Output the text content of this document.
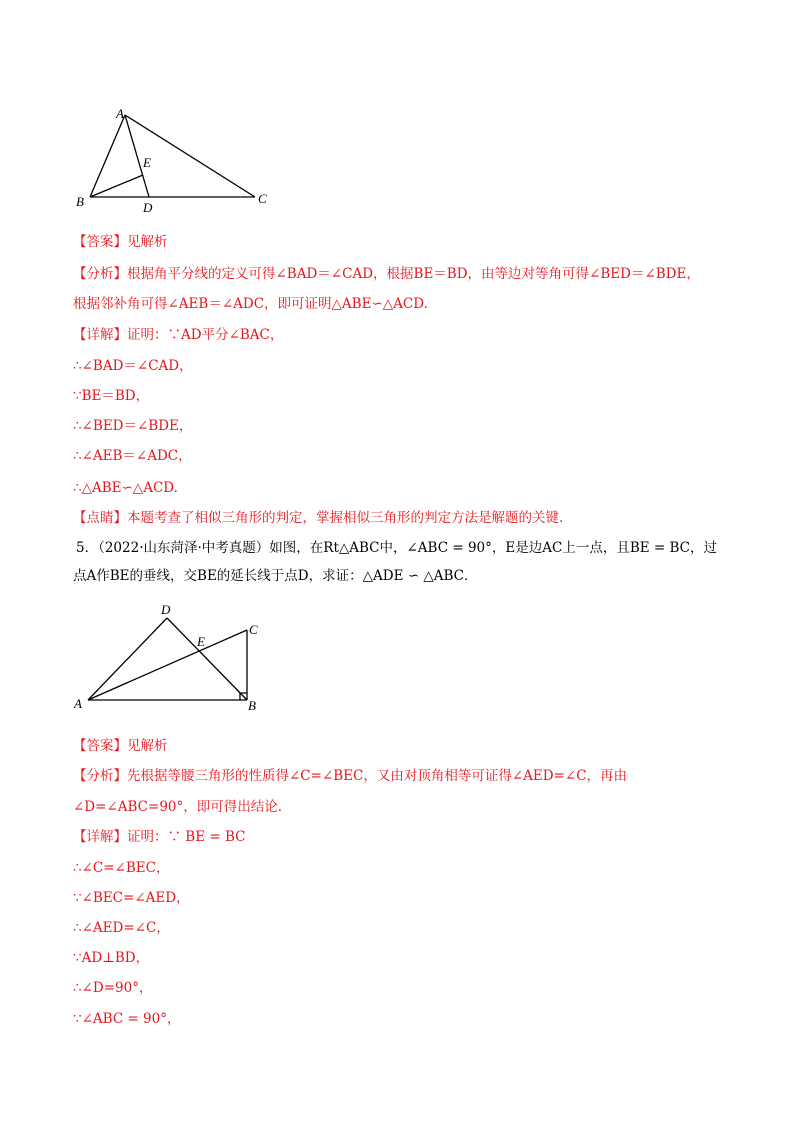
A
B	C
D
E
【答案】见解析
【分析】根据角平分线的定义可得∠BAD＝∠CAD，根据BE＝BD，由等边对等角可得∠BED＝∠BDE，
根据邻补角可得∠AEB＝∠ADC，即可证明△ABE∽△ACD.
【详解】证明：∵AD平分∠BAC，
∴∠BAD＝∠CAD，
∵BE＝BD，
∴∠BED＝∠BDE，
∴∠AEB＝∠ADC，
∴△ABE∽△ACD.
【点睛】本题考查了相似三角形的判定，掌握相似三角形的判定方法是解题的关键.
5．（2022·山东菏泽·中考真题）如图，在Rt△ABC中，∠ABC = 90°，E是边AC上一点，且BE = BC，过
点A作BE的垂线，交BE的延长线于点D，求证：△ADE ∽ △ABC．
A	B
C
D
E
【答案】见解析
【分析】先根据等腰三角形的性质得∠C=∠BEC，又由对顶角相等可证得∠AED=∠C，再由
∠D=∠ABC=90°，即可得出结论.
【详解】证明：∵ BE = BC
∴∠C=∠BEC，
∵∠BEC=∠AED，
∴∠AED=∠C，
∵AD⊥BD，
∴∠D=90°，
∵∠ABC = 90°，
